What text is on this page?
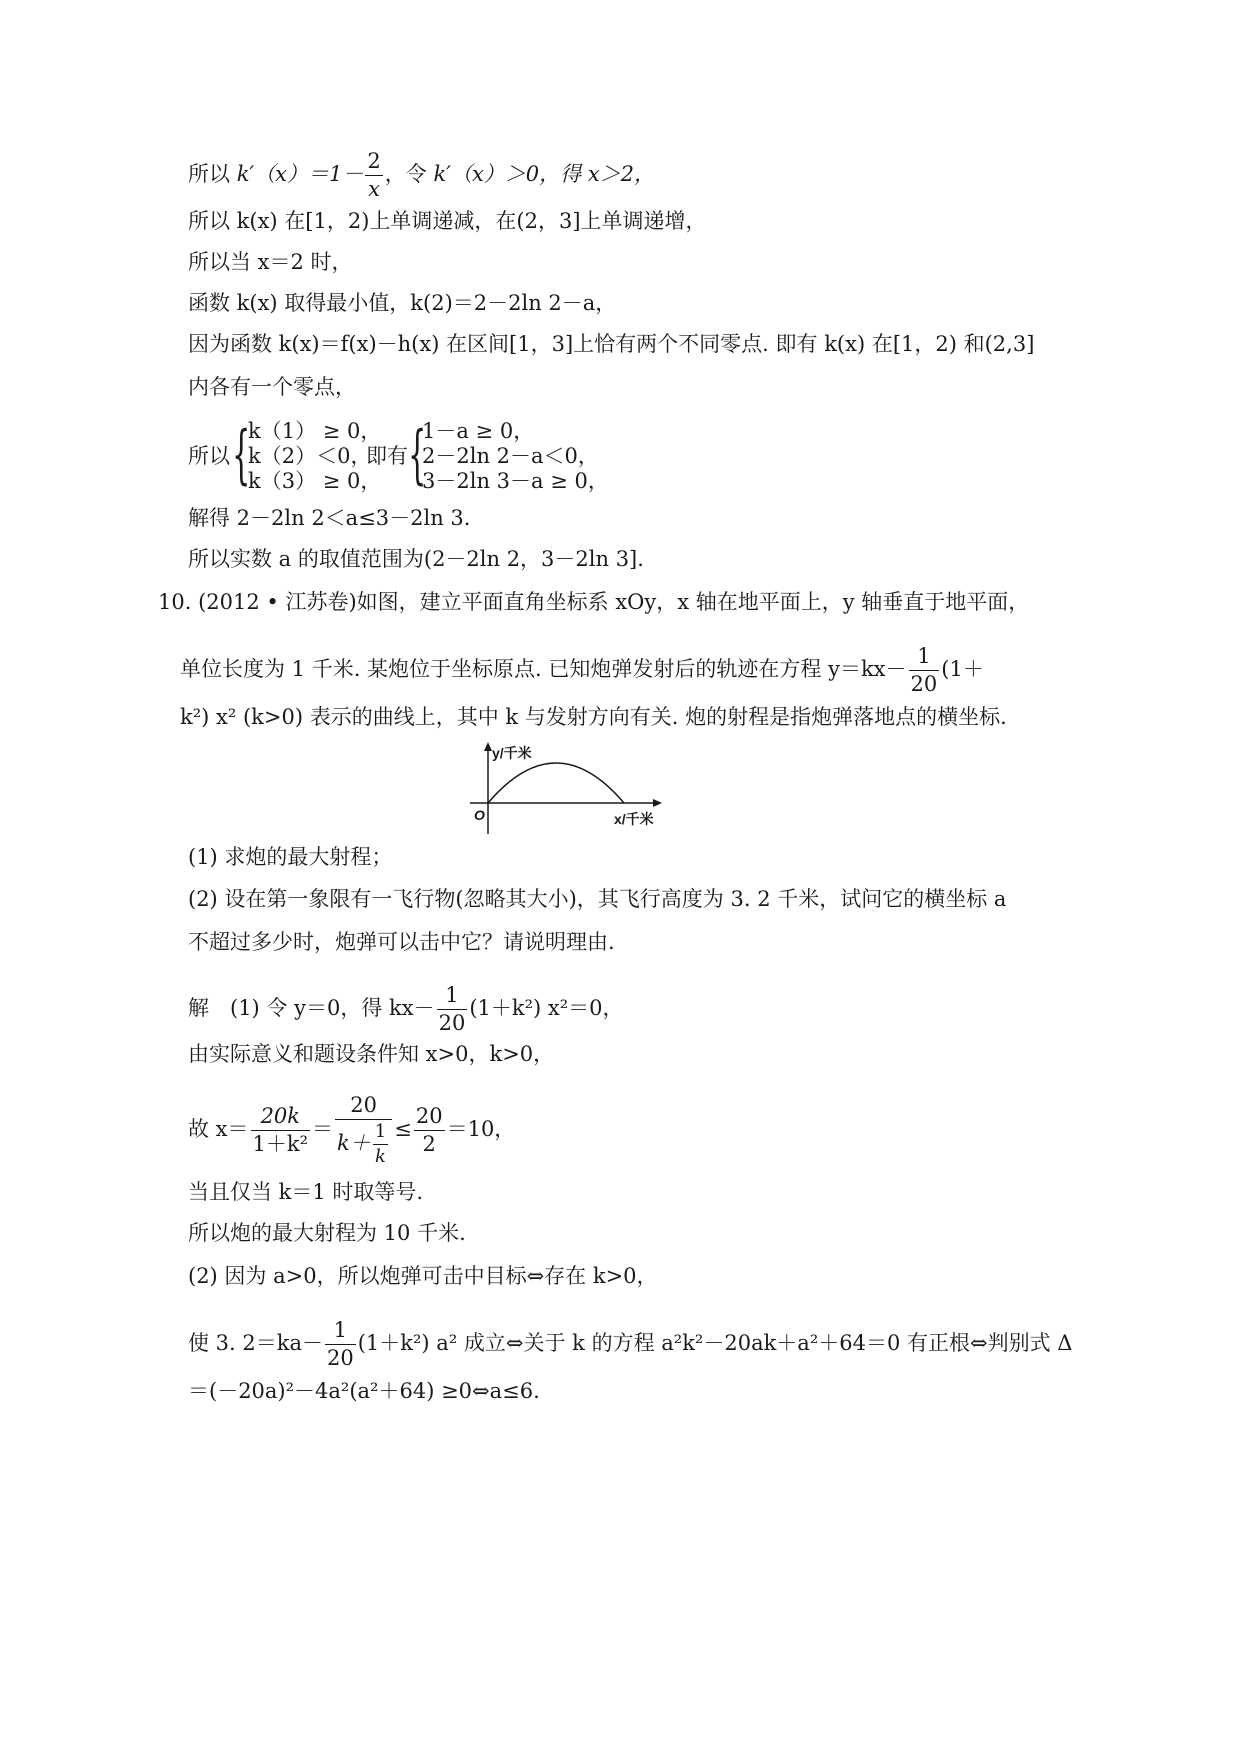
所以 $k'(x)=1- \frac{2}{x}$ ，令 k′（x）＞0，得 x＞2，
所以 k(x) 在[1，2)上单调递减，在(2，3]上单调递增，
所以当 x＝2 时，
函数 k(x) 取得最小值，k(2)＝2－2ln 2－a，
因为函数 k(x)＝f(x)－h(x) 在区间[1，3]上恰有两个不同零点. 即有 k(x) 在[1，2) 和(2,3]
内各有一个零点，
所以 {
k（1） ≥ 0，
k（2）＜0，
k（3） ≥ 0，
即有 {
1－a ≥ 0，
2－2ln 2－a＜0，
3－2ln 3－a ≥ 0，
解得 2－2ln 2＜a≤3－2ln 3.
所以实数 a 的取值范围为(2－2ln 2，3－2ln 3].
10. (2012 • 江苏卷)如图，建立平面直角坐标系 xOy，x 轴在地平面上，y 轴垂直于地平面，
单位长度为 1 千米. 某炮位于坐标原点. 已知炮弹发射后的轨迹在方程 $y=kx- \frac{1}{20} (1+$
k²) x² (k>0) 表示的曲线上，其中 k 与发射方向有关. 炮的射程是指炮弹落地点的横坐标.
y/千米
O	x/千米
(1) 求炮的最大射程；
(2) 设在第一象限有一飞行物(忽略其大小)，其飞行高度为 3. 2 千米，试问它的横坐标 a
不超过多少时，炮弹可以击中它？请说明理由.
解　(1) 令 y＝0，得 $kx- \frac{1}{20} (1+k^2)$ x²＝0，
由实际意义和题设条件知 x>0，k>0，
故 $x= \frac{20k}{\text{1＋k²}} = \frac{20}{k+ \frac{1}{k}} \le \frac{20}{2} =10$，
当且仅当 k＝1 时取等号.
所以炮的最大射程为 10 千米.
(2) 因为 a>0，所以炮弹可击中目标⇔存在 k>0，
使 3. $2=ka- \frac{1}{20} (1+k^2)$ a² 成立⇔关于 k 的方程 a²k²－20ak＋a²＋64＝0 有正根⇔判别式 Δ
＝(－20a)²－4a²(a²＋64) ≥0⇔a≤6.
